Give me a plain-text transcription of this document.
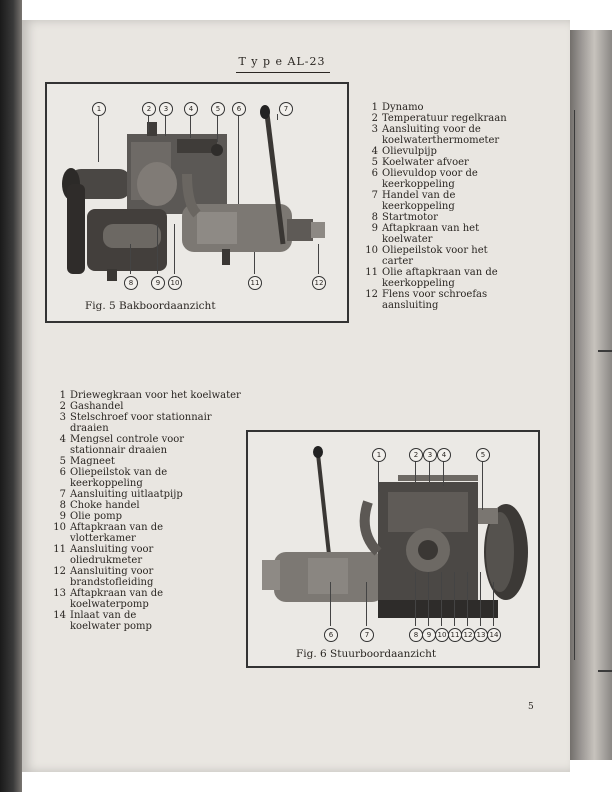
T y p e AL-23
1	2	3	4	5	6	7
8	9	10	11	12
Fig. 5 Bakboordaanzicht
1 Dynamo
2 Temperatuur regelkraan
3 Aansluiting voor de
koelwaterthermometer
4 Olievulpijp
5 Koelwater afvoer
6 Olievuldop voor de
keerkoppeling
7 Handel van de
keerkoppeling
8 Startmotor
9 Aftapkraan van het
koelwater
10 Oliepeilstok voor het
carter
11 Olie aftapkraan van de
keerkoppeling
12 Flens voor schroefas
aansluiting
1 Driewegkraan voor het koelwater
2 Gashandel
3 Stelschroef voor stationnair
draaien
4 Mengsel controle voor
stationnair draaien
5 Magneet
6 Oliepeilstok van de
keerkoppeling
7 Aansluiting uitlaatpijp
8 Choke handel
9 Olie pomp
10 Aftapkraan van de
vlotterkamer
11 Aansluiting voor
oliedrukmeter
12 Aansluiting voor
brandstofleiding
13 Aftapkraan van de
koelwaterpomp
14 Inlaat van de
koelwater pomp
1	2	3	4	5
6	7	8	9 10 11 12 13 14
Fig. 6 Stuurboordaanzicht
5
